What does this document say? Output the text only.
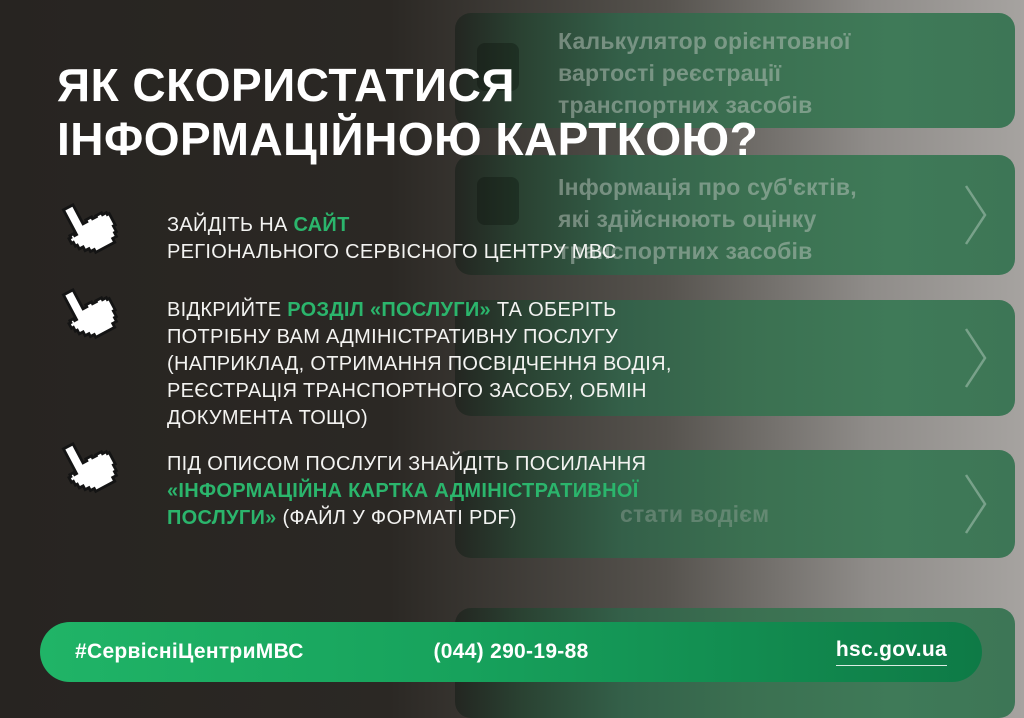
Калькулятор орієнтовної
вартості реєстрації
транспортних засобів
Інформація про суб'єктів,
які здійснюють оцінку
транспортних засобів
стати водієм
ЯК СКОРИСТАТИСЯ
ІНФОРМАЦІЙНОЮ КАРТКОЮ?
ЗАЙДІТЬ НА САЙТ
РЕГІОНАЛЬНОГО СЕРВІСНОГО ЦЕНТРУ МВС
ВІДКРИЙТЕ РОЗДІЛ «ПОСЛУГИ» ТА ОБЕРІТЬ
ПОТРІБНУ ВАМ АДМІНІСТРАТИВНУ ПОСЛУГУ
(НАПРИКЛАД, ОТРИМАННЯ ПОСВІДЧЕННЯ ВОДІЯ,
РЕЄСТРАЦІЯ ТРАНСПОРТНОГО ЗАСОБУ, ОБМІН
ДОКУМЕНТА ТОЩО)
ПІД ОПИСОМ ПОСЛУГИ ЗНАЙДІТЬ ПОСИЛАННЯ
«ІНФОРМАЦІЙНА КАРТКА АДМІНІСТРАТИВНОЇ
ПОСЛУГИ» (ФАЙЛ У ФОРМАТІ PDF)
#СервісніЦентриМВС	(044) 290-19-88	hsc.gov.ua
